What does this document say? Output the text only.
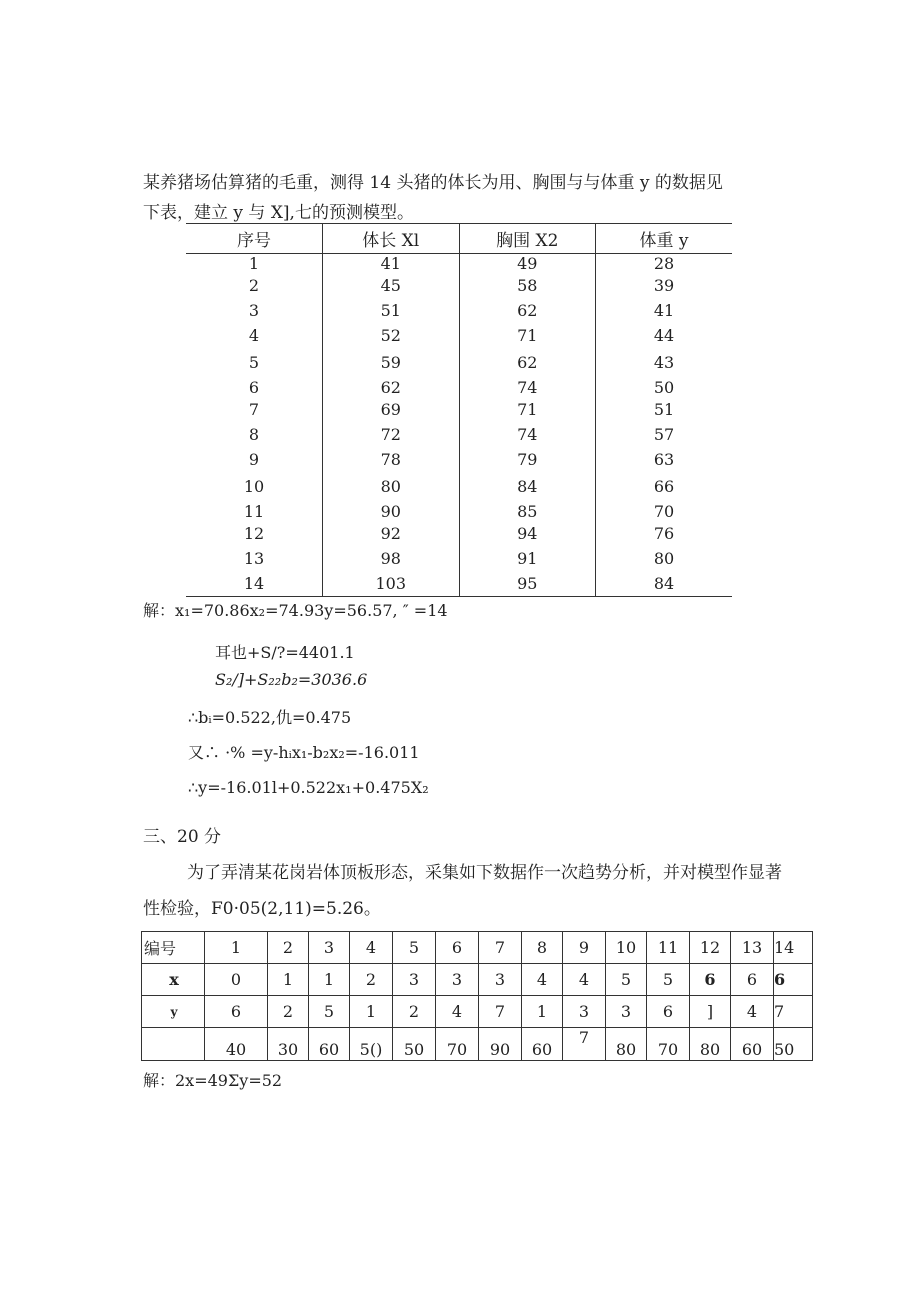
某养猪场估算猪的毛重，测得 14 头猪的体长为用、胸围与与体重 y 的数据见
下表，建立 y 与 X],七的预测模型。
序号	体长 Xl	胸围 X2	体重 y
1	41	49	28
2	45	58	39
3	51	62	41
4	52	71	44
5	59	62	43
6	62	74	50
7	69	71	51
8	72	74	57
9	78	79	63
10	80	84	66
11	90	85	70
12	92	94	76
13	98	91	80
14	103	95	84
解：x₁=70.86x₂=74.93y=56.57, ″ =14
耳也+S/?=4401.1
S₂/]+S₂₂b₂=3036.6
∴bᵢ=0.522,仇=0.475
又∴ ·% =y-hᵢx₁-b₂x₂=-16.011
∴y=-16.01l+0.522x₁+0.475X₂
三、20 分
为了弄清某花岗岩体顶板形态，采集如下数据作一次趋势分析，并对模型作显著性检验，F0·05(2,11)=5.26。
编号	1	2	3	4	5	6	7	8	9	10	11	12	13	14
x	0	1	1	2	3	3	3	4	4	5	5	6	6	6
y	6	2	5	1	2	4	7	1	3	3	6	]	4	7
	40	30	60	5()	50	70	90	60	7	80	70	80	60	50
解：2x=49Σy=52
